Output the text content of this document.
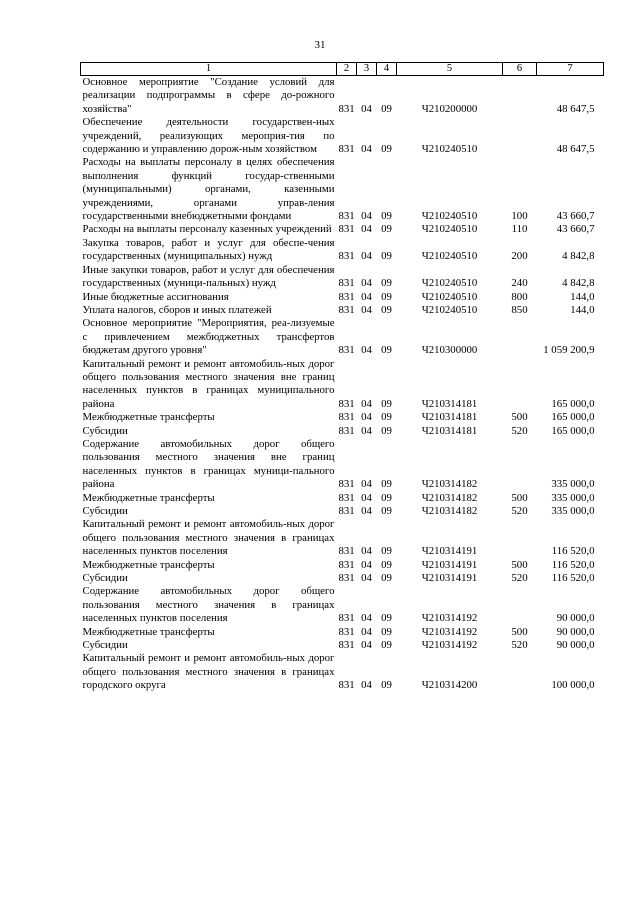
31
1	2	3	4	5	6	7
Основное мероприятие "Создание условий для реализации подпрограммы в сфере до-рожного хозяйства"	831	04	09	Ч210200000		48 647,5
Обеспечение деятельности государствен-ных учреждений, реализующих мероприя-тия по содержанию и управлению дорож-ным хозяйством	831	04	09	Ч210240510		48 647,5
Расходы на выплаты персоналу в целях обеспечения выполнения функций государ-ственными (муниципальными) органами, казенными учреждениями, органами управ-ления государственными внебюджетными фондами	831	04	09	Ч210240510	100	43 660,7
Расходы на выплаты персоналу казенных учреждений	831	04	09	Ч210240510	110	43 660,7
Закупка товаров, работ и услуг для обеспе-чения государственных (муниципальных) нужд	831	04	09	Ч210240510	200	4 842,8
Иные закупки товаров, работ и услуг для обеспечения государственных (муници-пальных) нужд	831	04	09	Ч210240510	240	4 842,8
Иные бюджетные ассигнования	831	04	09	Ч210240510	800	144,0
Уплата налогов, сборов и иных платежей	831	04	09	Ч210240510	850	144,0
Основное мероприятие "Мероприятия, реа-лизуемые с привлечением межбюджетных трансфертов бюджетам другого уровня"	831	04	09	Ч210300000		1 059 200,9
Капитальный ремонт и ремонт автомобиль-ных дорог общего пользования местного значения вне границ населенных пунктов в границах муниципального района	831	04	09	Ч210314181		165 000,0
Межбюджетные трансферты	831	04	09	Ч210314181	500	165 000,0
Субсидии	831	04	09	Ч210314181	520	165 000,0
Содержание автомобильных дорог общего пользования местного значения вне границ населенных пунктов в границах муници-пального района	831	04	09	Ч210314182		335 000,0
Межбюджетные трансферты	831	04	09	Ч210314182	500	335 000,0
Субсидии	831	04	09	Ч210314182	520	335 000,0
Капитальный ремонт и ремонт автомобиль-ных дорог общего пользования местного значения в границах населенных пунктов поселения	831	04	09	Ч210314191		116 520,0
Межбюджетные трансферты	831	04	09	Ч210314191	500	116 520,0
Субсидии	831	04	09	Ч210314191	520	116 520,0
Содержание автомобильных дорог общего пользования местного значения в границах населенных пунктов поселения	831	04	09	Ч210314192		90 000,0
Межбюджетные трансферты	831	04	09	Ч210314192	500	90 000,0
Субсидии	831	04	09	Ч210314192	520	90 000,0
Капитальный ремонт и ремонт автомобиль-ных дорог общего пользования местного значения в границах городского округа	831	04	09	Ч210314200		100 000,0
